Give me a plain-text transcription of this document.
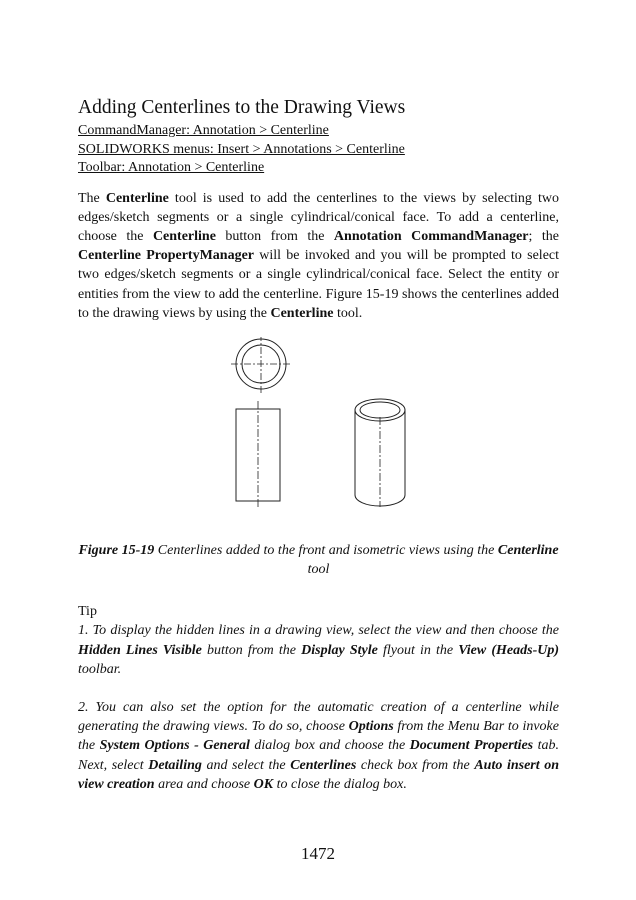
Adding Centerlines to the Drawing Views
CommandManager: Annotation > Centerline
SOLIDWORKS menus: Insert > Annotations > Centerline
Toolbar: Annotation > Centerline

The Centerline tool is used to add the centerlines to the views by selecting two edges/sketch segments or a single cylindrical/conical face. To add a centerline, choose the Centerline button from the Annotation CommandManager; the Centerline PropertyManager will be invoked and you will be prompted to select two edges/sketch segments or a single cylindrical/conical face. Select the entity or entities from the view to add the centerline. Figure 15-19 shows the centerlines added to the drawing views by using the Centerline tool.

Figure 15-19 Centerlines added to the front and isometric views using the Centerline tool
Tip

1. To display the hidden lines in a drawing view, select the view and then choose the Hidden Lines Visible button from the Display Style flyout in the View (Heads-Up) toolbar.

2. You can also set the option for the automatic creation of a centerline while generating the drawing views. To do so, choose Options from the Menu Bar to invoke the System Options - General dialog box and choose the Document Properties tab. Next, select Detailing and select the Centerlines check box from the Auto insert on view creation area and choose OK to close the dialog box.

1472
